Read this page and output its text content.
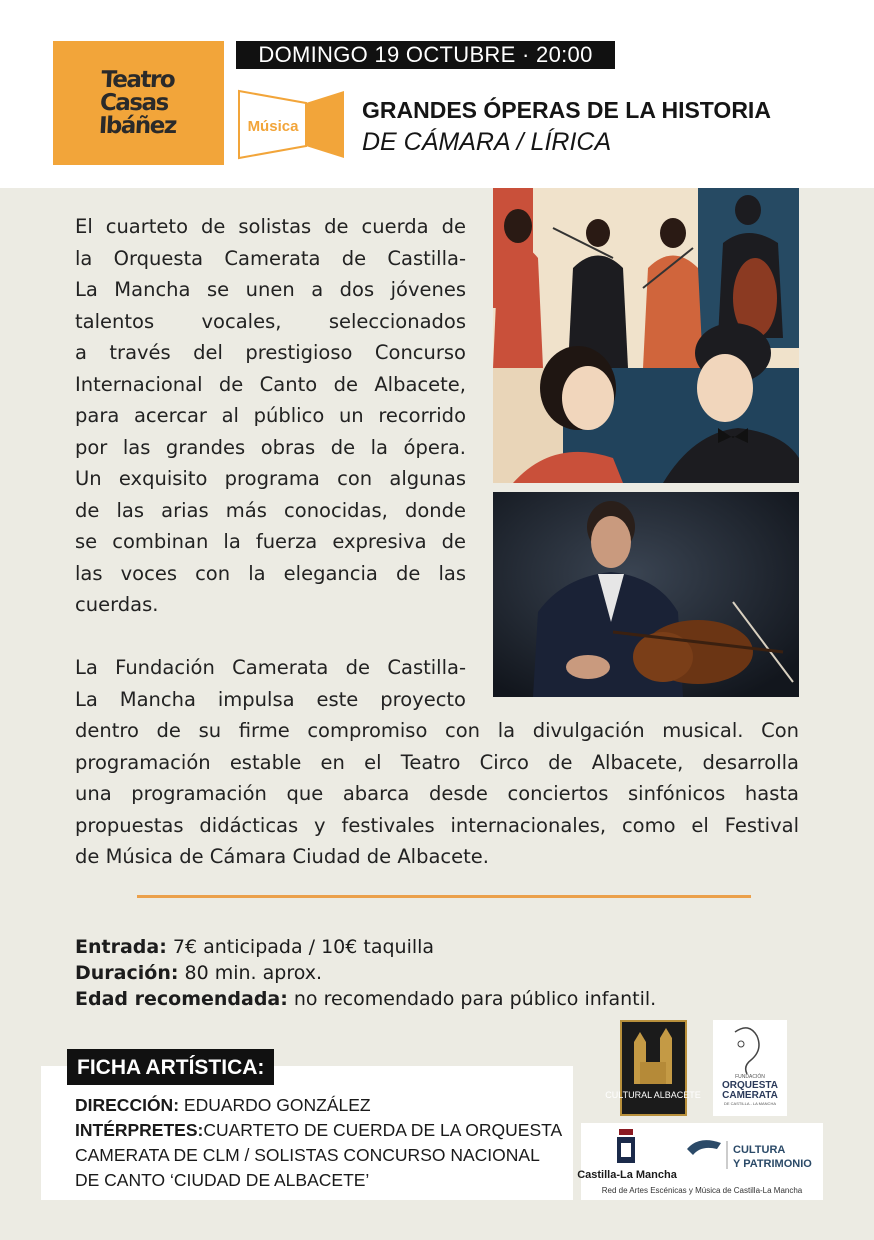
Teatro
Casas
Ibáñez
DOMINGO 19 OCTUBRE · 20:00
Música
GRANDES ÓPERAS DE LA HISTORIA
DE CÁMARA / LÍRICA
El cuarteto de solistas de cuerda de
la Orquesta Camerata de Castilla-
La Mancha se unen a dos jóvenes
talentos vocales, seleccionados
a través del prestigioso Concurso
Internacional de Canto de Albacete,
para acercar al público un recorrido
por las grandes obras de la ópera.
Un exquisito programa con algunas
de las arias más conocidas, donde
se combinan la fuerza expresiva de
las voces con la elegancia de las
cuerdas.
La Fundación Camerata de Castilla-
La Mancha impulsa este proyecto
dentro de su firme compromiso con la divulgación musical. Con
programación estable en el Teatro Circo de Albacete, desarrolla
una programación que abarca desde conciertos sinfónicos hasta
propuestas didácticas y festivales internacionales, como el Festival
de Música de Cámara Ciudad de Albacete.
Entrada: 7€ anticipada / 10€ taquilla
Duración: 80 min. aprox.
Edad recomendada: no recomendado para público infantil.
FICHA ARTÍSTICA:
DIRECCIÓN: EDUARDO GONZÁLEZ
INTÉRPRETES:CUARTETO DE CUERDA DE LA ORQUESTA
CAMERATA DE CLM / SOLISTAS CONCURSO NACIONAL
DE CANTO ‘CIUDAD DE ALBACETE’
CULTURAL ALBACETE
FUNDACIÓN
ORQUESTA
CAMERATA
DE CASTILLA - LA MANCHA
Castilla-La Mancha
CULTURA
Y PATRIMONIO
Red de Artes Escénicas y Música de Castilla-La Mancha
